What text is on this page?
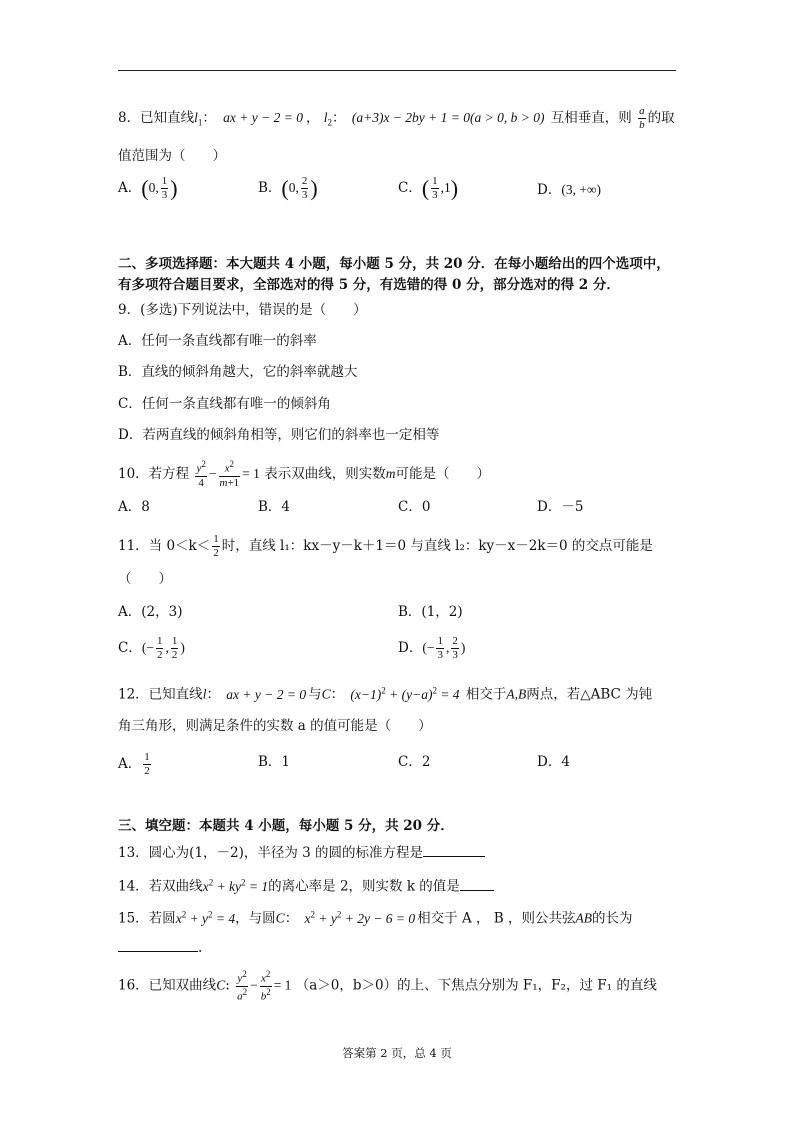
8．已知直线$l_1$： ax + y − 2 = 0 ， $l_2$： (a+3)x − 2by + 1 = 0(a > 0, b > 0) 互相垂直，则 $\frac{a}{b}$ 的取
值范围为（　　）
A．(0, $\frac{1}{3}$ )	B．(0, $\frac{2}{3}$ )	C．( $\frac{1}{3} ,1$)	D．(3, +∞)
二、多项选择题：本大题共 4 小题，每小题 5 分，共 20 分．在每小题给出的四个选项中，
有多项符合题目要求，全部选对的得 5 分，有选错的得 0 分，部分选对的得 2 分．
9．(多选)下列说法中，错误的是（　　）
A．任何一条直线都有唯一的斜率
B．直线的倾斜角越大，它的斜率就越大
C．任何一条直线都有唯一的倾斜角
D．若两直线的倾斜角相等，则它们的斜率也一定相等
10．若方程 $\frac{y^2}{4} - \frac{x^2}{m+1} = 1$ 表示双曲线，则实数m可能是（　　）
A．8	B．4	C．0	D．－5
11．当 $0<k< \frac{1}{2}$ 时，直线 l₁：kx－y－k＋1＝0 与直线 l₂：ky－x－2k＝0 的交点可能是
（　　）
A．(2，3)	B．(1，2)
C．(− $\frac{1}{2}$ , $\frac{1}{2}$ )	D．(− $\frac{1}{3}$ , $\frac{2}{3}$ )
12．已知直线l： ax + y − 2 = 0 与C： $(x-1)^2 + (y-a)^2 = 4$ 相交于A,B两点，若△ABC 为钝
角三角形，则满足条件的实数 a 的值可能是（　　）
A． $\frac{1}{2}$	B．1	C．2	D．4
三、填空题：本题共 4 小题，每小题 5 分，共 20 分．
13．圆心为(1，－2)，半径为 3 的圆的标准方程是
14．若双曲线$x^2 + ky^2 = 1$的离心率是 2，则实数 k 的值是
15．若圆$x^2 + y^2 = 4$，与圆C： $x^2 + y^2 + 2y - 6 = 0$ 相交于 A ， B ，则公共弦AB的长为
.
16．已知双曲线C: $\frac{y^2}{a^2} - \frac{x^2}{b^2} = 1$ （a＞0，b＞0）的上、下焦点分别为 F₁，F₂，过 F₁ 的直线
答案第 2 页，总 4 页
